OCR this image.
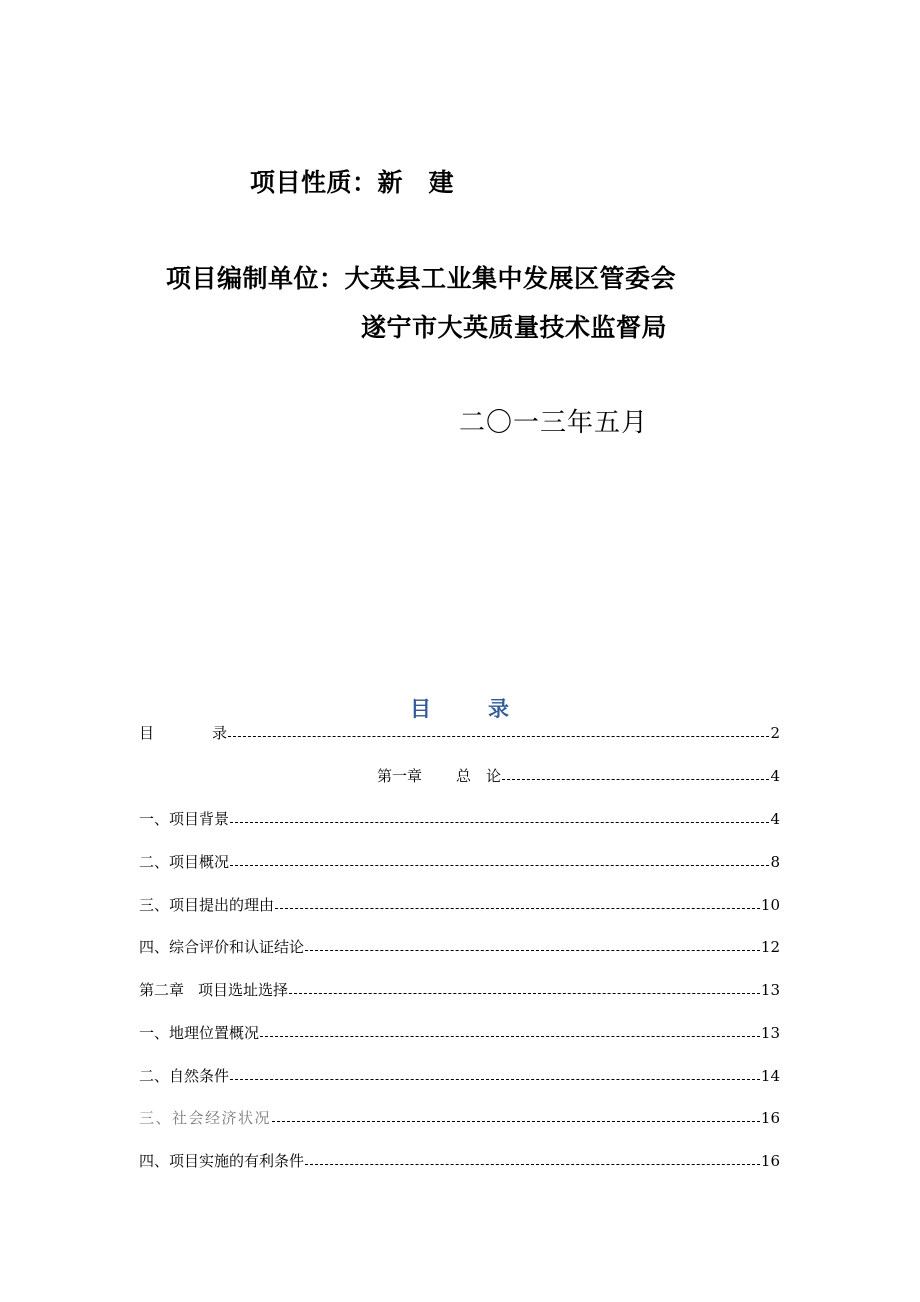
项目性质：新　建
项目编制单位：大英县工业集中发展区管委会
遂宁市大英质量技术监督局
二〇一三年五月
目	录
目	录	2
第一章 总　论	4
一、项目背景	4
二、项目概况	8
三、项目提出的理由	10
四、综合评价和认证结论	12
第二章 项目选址选择	13
一、地理位置概况	13
二、自然条件	14
三、社会经济状况	16
四、项目实施的有利条件	16
